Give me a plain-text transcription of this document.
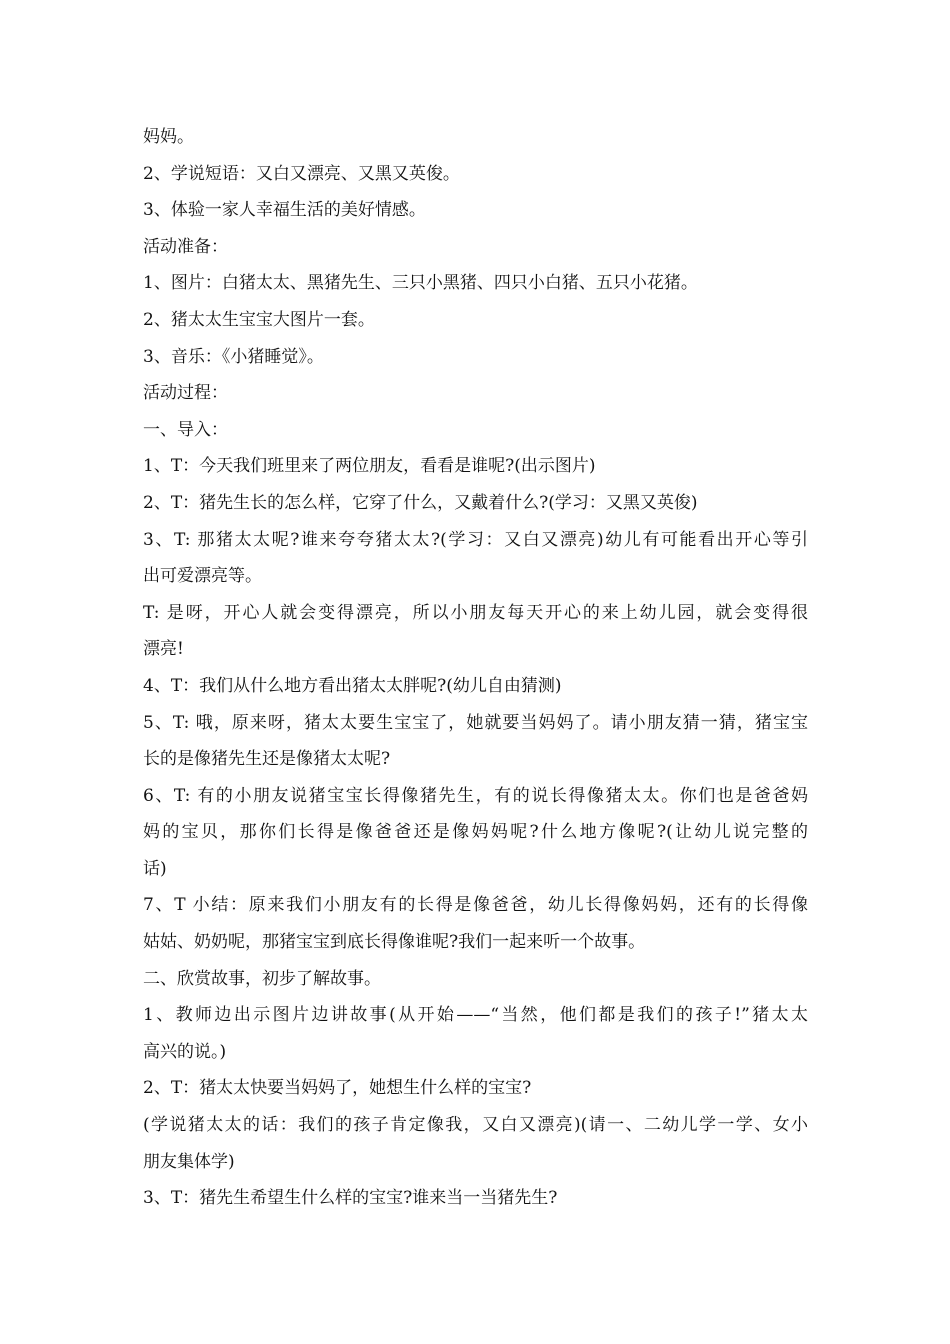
妈妈。
2、学说短语：又白又漂亮、又黑又英俊。
3、体验一家人幸福生活的美好情感。
活动准备：
1、图片：白猪太太、黑猪先生、三只小黑猪、四只小白猪、五只小花猪。
2、猪太太生宝宝大图片一套。
3、音乐：《小猪睡觉》。
活动过程：
一、导入：
1、T：今天我们班里来了两位朋友，看看是谁呢?(出示图片)
2、T：猪先生长的怎么样，它穿了什么，又戴着什么?(学习：又黑又英俊)
3、T: 那猪太太呢?谁来夸夸猪太太?(学习：又白又漂亮)幼儿有可能看出开心等引
出可爱漂亮等。
T: 是呀，开心人就会变得漂亮，所以小朋友每天开心的来上幼儿园，就会变得很
漂亮!
4、T：我们从什么地方看出猪太太胖呢?(幼儿自由猜测)
5、T: 哦，原来呀，猪太太要生宝宝了，她就要当妈妈了。请小朋友猜一猜，猪宝宝
长的是像猪先生还是像猪太太呢?
6、T: 有的小朋友说猪宝宝长得像猪先生，有的说长得像猪太太。你们也是爸爸妈
妈的宝贝，那你们长得是像爸爸还是像妈妈呢?什么地方像呢?(让幼儿说完整的
话)
7、T 小结：原来我们小朋友有的长得是像爸爸，幼儿长得像妈妈，还有的长得像
姑姑、奶奶呢，那猪宝宝到底长得像谁呢?我们一起来听一个故事。
二、欣赏故事，初步了解故事。
1、教师边出示图片边讲故事(从开始——“当然，他们都是我们的孩子!”猪太太
高兴的说。)
2、T：猪太太快要当妈妈了，她想生什么样的宝宝?
(学说猪太太的话：我们的孩子肯定像我，又白又漂亮)(请一、二幼儿学一学、女小
朋友集体学)
3、T：猪先生希望生什么样的宝宝?谁来当一当猪先生?
